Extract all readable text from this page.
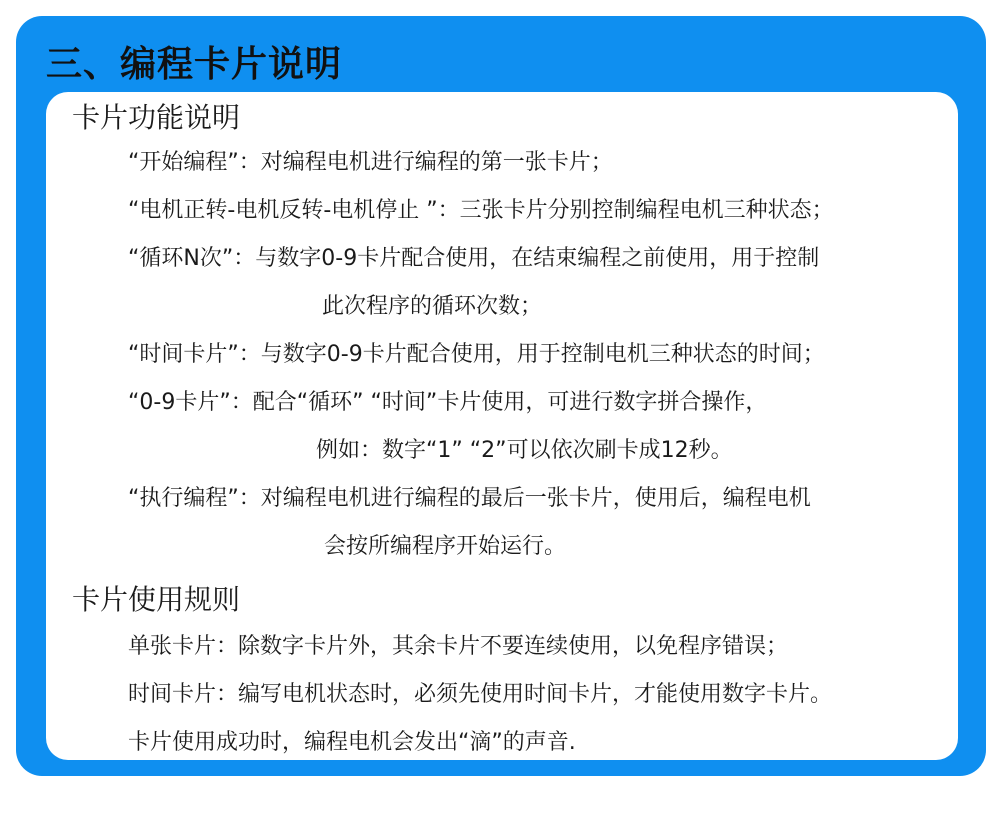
三、编程卡片说明
卡片功能说明
“开始编程”：对编程电机进行编程的第一张卡片；
“电机正转-电机反转-电机停止 ”：三张卡片分别控制编程电机三种状态；
“循环N次”：与数字0-9卡片配合使用，在结束编程之前使用，用于控制
此次程序的循环次数；
“时间卡片”：与数字0-9卡片配合使用，用于控制电机三种状态的时间；
“0-9卡片”：配合“循环” “时间”卡片使用，可进行数字拼合操作，
例如：数字“1” “2”可以依次刷卡成12秒。
“执行编程”：对编程电机进行编程的最后一张卡片，使用后，编程电机
会按所编程序开始运行。
卡片使用规则
单张卡片：除数字卡片外，其余卡片不要连续使用，以免程序错误；
时间卡片：编写电机状态时，必须先使用时间卡片，才能使用数字卡片。
卡片使用成功时，编程电机会发出“滴”的声音.
